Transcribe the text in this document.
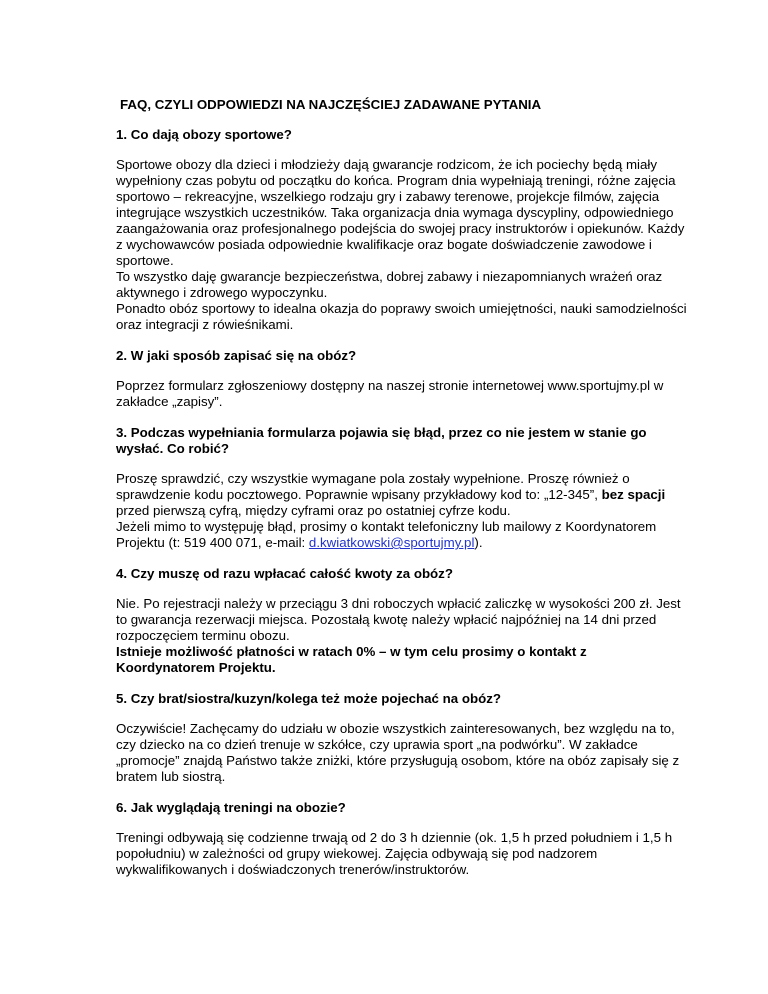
FAQ, CZYLI ODPOWIEDZI NA NAJCZĘŚCIEJ ZADAWANE PYTANIA
1. Co dają obozy sportowe?
Sportowe obozy dla dzieci i młodzieży dają gwarancje rodzicom, że ich pociechy będą miały wypełniony czas pobytu od początku do końca. Program dnia wypełniają treningi, różne zajęcia sportowo – rekreacyjne, wszelkiego rodzaju gry i zabawy terenowe, projekcje filmów, zajęcia integrujące wszystkich uczestników. Taka organizacja dnia wymaga dyscypliny, odpowiedniego zaangażowania oraz profesjonalnego podejścia do swojej pracy instruktorów i opiekunów. Każdy z wychowawców posiada odpowiednie kwalifikacje oraz bogate doświadczenie zawodowe i sportowe.
To wszystko daję gwarancje bezpieczeństwa, dobrej zabawy i niezapomnianych wrażeń oraz aktywnego i zdrowego wypoczynku.
Ponadto obóz sportowy to idealna okazja do poprawy swoich umiejętności, nauki samodzielności oraz integracji z rówieśnikami.
2. W jaki sposób zapisać się na obóz?
Poprzez formularz zgłoszeniowy dostępny na naszej stronie internetowej www.sportujmy.pl w zakładce „zapisy”.
3. Podczas wypełniania formularza pojawia się błąd, przez co nie jestem w stanie go wysłać. Co robić?
Proszę sprawdzić, czy wszystkie wymagane pola zostały wypełnione. Proszę również o sprawdzenie kodu pocztowego. Poprawnie wpisany przykładowy kod to: „12-345”, bez spacji przed pierwszą cyfrą, między cyframi oraz po ostatniej cyfrze kodu.
Jeżeli mimo to występuję błąd, prosimy o kontakt telefoniczny lub mailowy z Koordynatorem Projektu (t: 519 400 071, e-mail: d.kwiatkowski@sportujmy.pl).
4. Czy muszę od razu wpłacać całość kwoty za obóz?
Nie. Po rejestracji należy w przeciągu 3 dni roboczych wpłacić zaliczkę w wysokości 200 zł. Jest to gwarancja rezerwacji miejsca. Pozostałą kwotę należy wpłacić najpóźniej na 14 dni przed rozpoczęciem terminu obozu.
Istnieje możliwość płatności w ratach 0% – w tym celu prosimy o kontakt z Koordynatorem Projektu.
5. Czy brat/siostra/kuzyn/kolega też może pojechać na obóz?
Oczywiście! Zachęcamy do udziału w obozie wszystkich zainteresowanych, bez względu na to, czy dziecko na co dzień trenuje w szkółce, czy uprawia sport „na podwórku”. W zakładce „promocje” znajdą Państwo także zniżki, które przysługują osobom, które na obóz zapisały się z bratem lub siostrą.
6. Jak wyglądają treningi na obozie?
Treningi odbywają się codzienne trwają od 2 do 3 h dziennie (ok. 1,5 h przed południem i 1,5 h popołudniu) w zależności od grupy wiekowej. Zajęcia odbywają się pod nadzorem wykwalifikowanych i doświadczonych trenerów/instruktorów.
